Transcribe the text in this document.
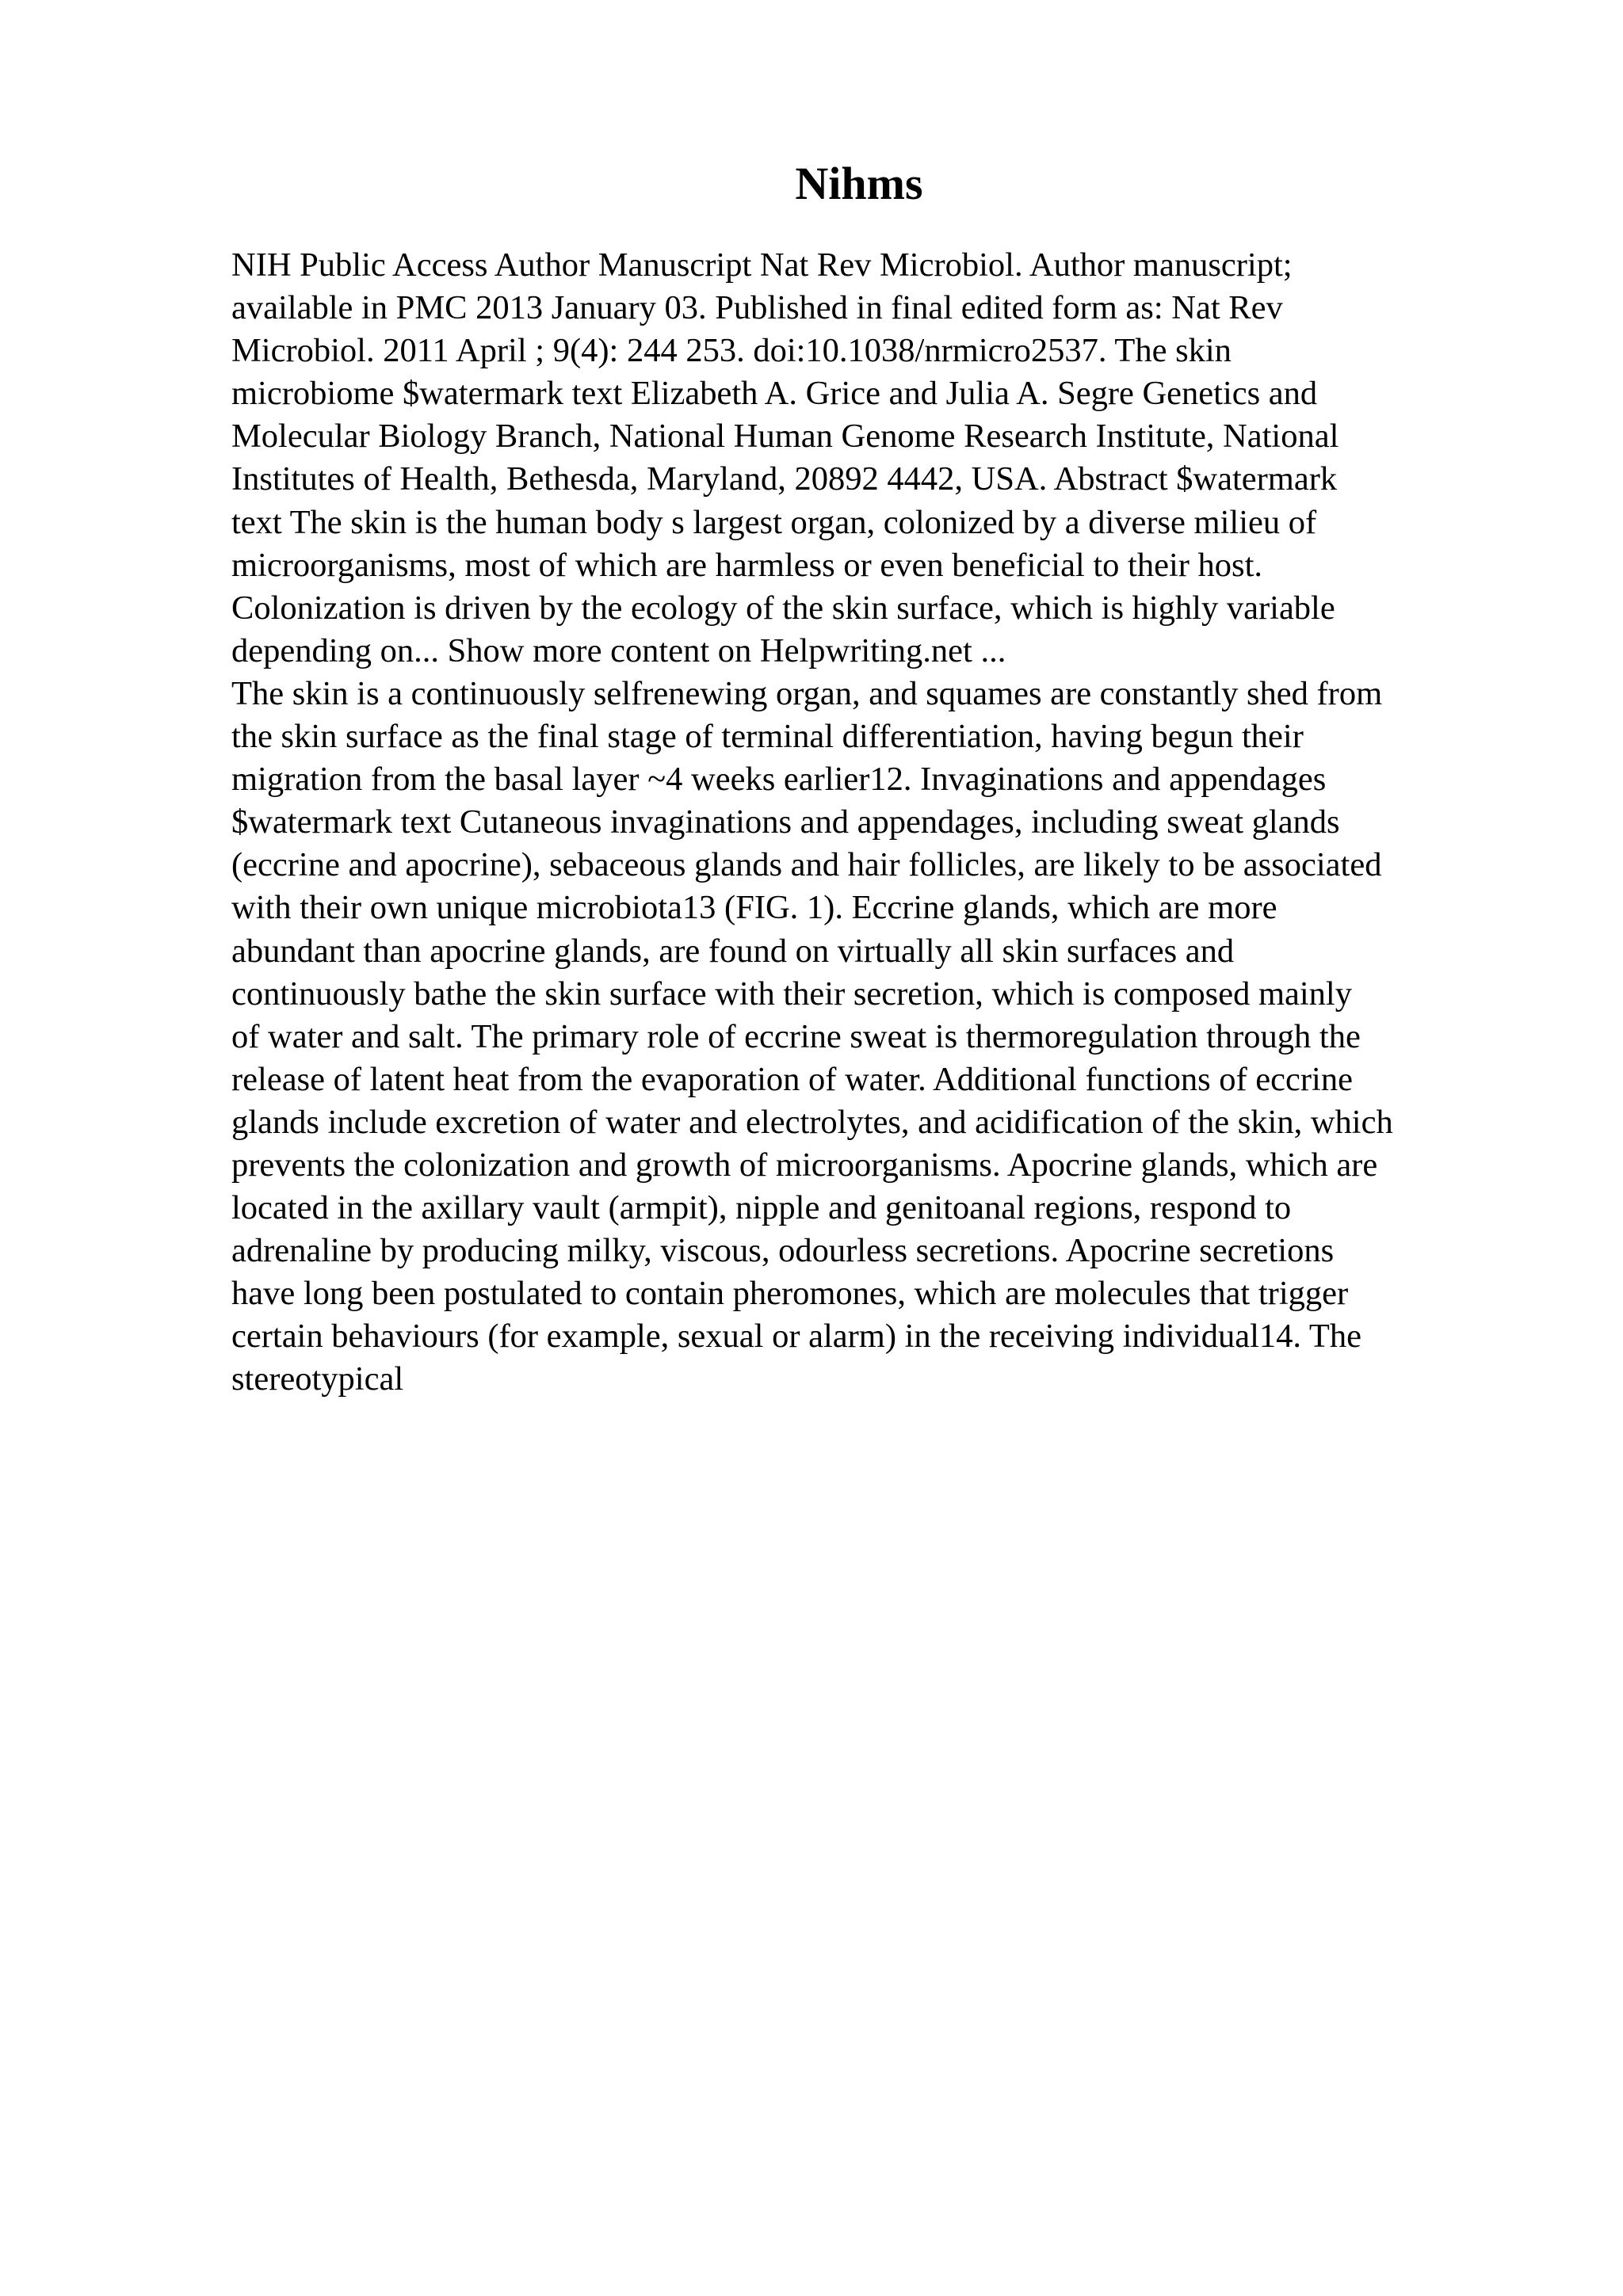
Nihms
NIH Public Access Author Manuscript Nat Rev Microbiol. Author manuscript;
available in PMC 2013 January 03. Published in final edited form as: Nat Rev
Microbiol. 2011 April ; 9(4): 244 253. doi:10.1038/nrmicro2537. The skin
microbiome $watermark text Elizabeth A. Grice and Julia A. Segre Genetics and
Molecular Biology Branch, National Human Genome Research Institute, National
Institutes of Health, Bethesda, Maryland, 20892 4442, USA. Abstract $watermark
text The skin is the human body s largest organ, colonized by a diverse milieu of
microorganisms, most of which are harmless or even beneficial to their host.
Colonization is driven by the ecology of the skin surface, which is highly variable
depending on... Show more content on Helpwriting.net ...
The skin is a continuously selfrenewing organ, and squames are constantly shed from
the skin surface as the final stage of terminal differentiation, having begun their
migration from the basal layer ~4 weeks earlier12. Invaginations and appendages
$watermark text Cutaneous invaginations and appendages, including sweat glands
(eccrine and apocrine), sebaceous glands and hair follicles, are likely to be associated
with their own unique microbiota13 (FIG. 1). Eccrine glands, which are more
abundant than apocrine glands, are found on virtually all skin surfaces and
continuously bathe the skin surface with their secretion, which is composed mainly
of water and salt. The primary role of eccrine sweat is thermoregulation through the
release of latent heat from the evaporation of water. Additional functions of eccrine
glands include excretion of water and electrolytes, and acidification of the skin, which
prevents the colonization and growth of microorganisms. Apocrine glands, which are
located in the axillary vault (armpit), nipple and genitoanal regions, respond to
adrenaline by producing milky, viscous, odourless secretions. Apocrine secretions
have long been postulated to contain pheromones, which are molecules that trigger
certain behaviours (for example, sexual or alarm) in the receiving individual14. The
stereotypical
